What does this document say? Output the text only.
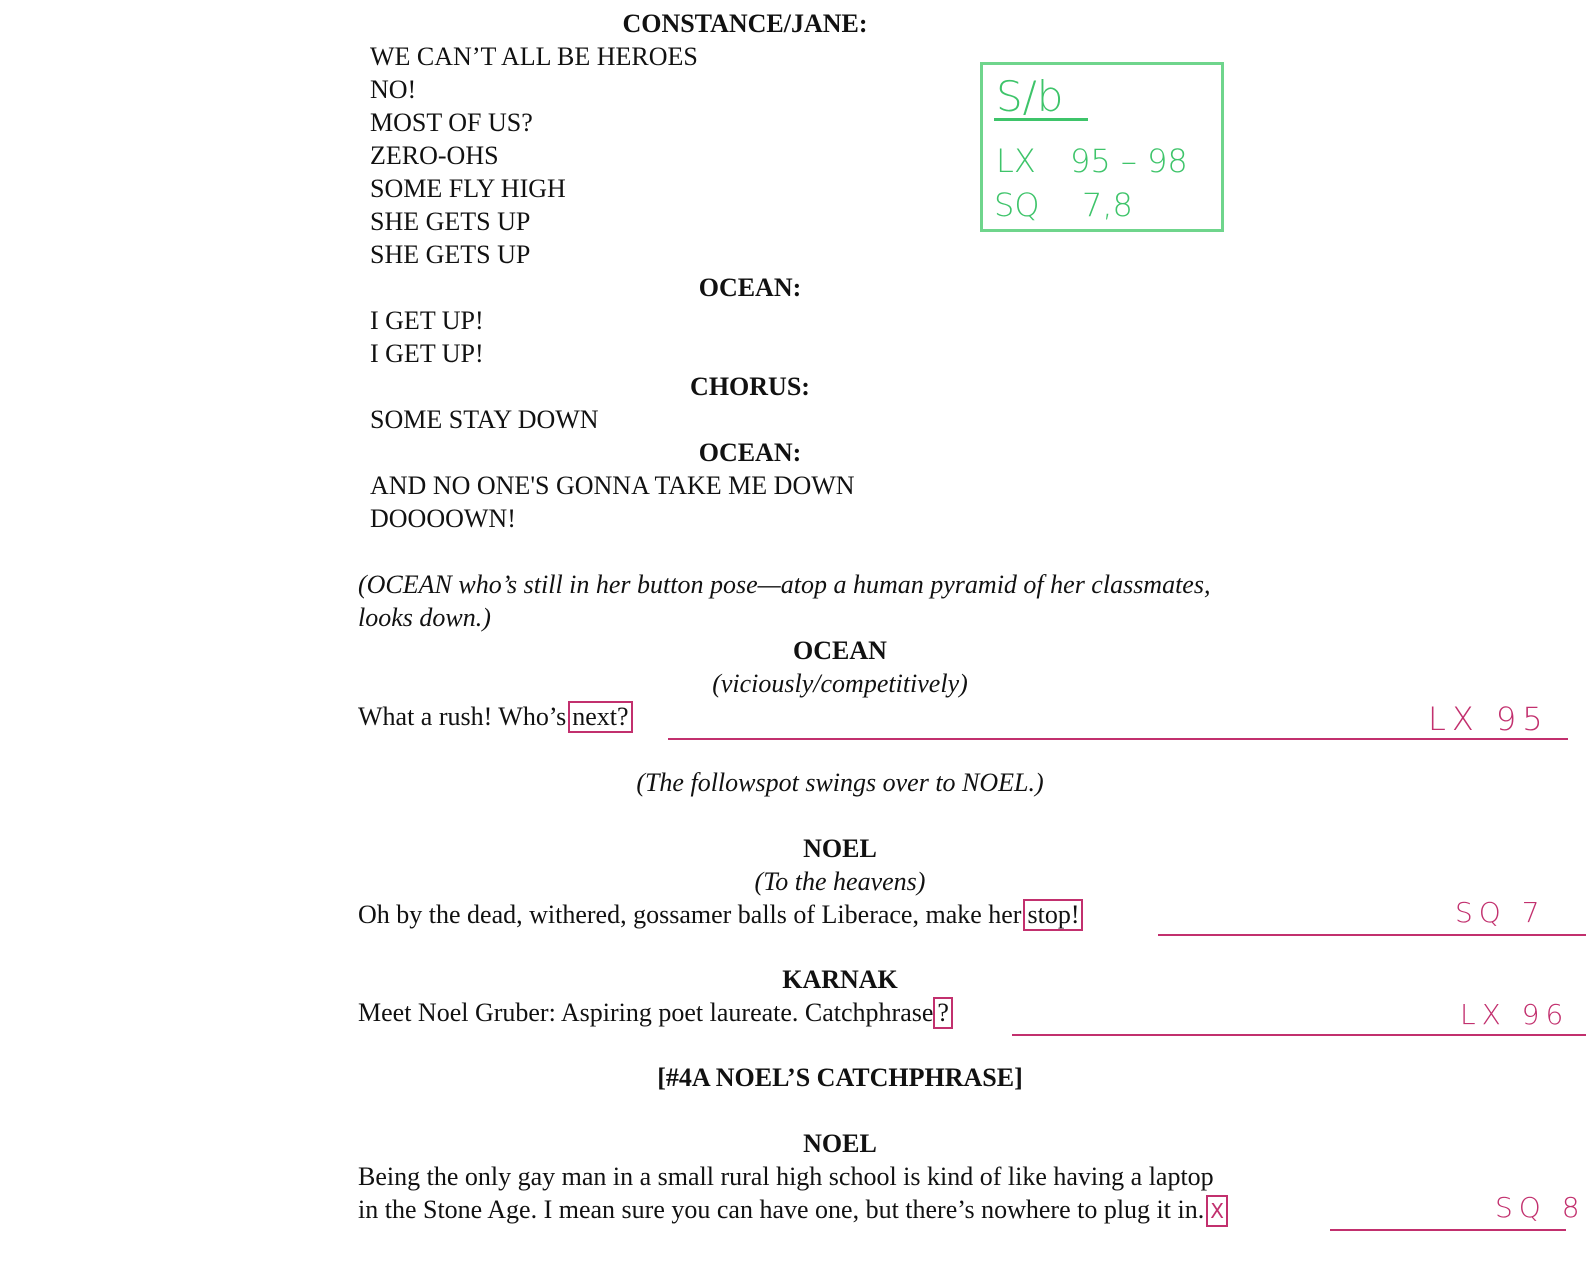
CONSTANCE/JANE:
WE CAN’T ALL BE HEROES
NO!
MOST OF US?
ZERO-OHS
SOME FLY HIGH
SHE GETS UP
SHE GETS UP
OCEAN:
I GET UP!
I GET UP!
CHORUS:
SOME STAY DOWN
OCEAN:
AND NO ONE'S GONNA TAKE ME DOWN
DOOOOWN!
(OCEAN who’s still in her button pose—atop a human pyramid of her classmates,
looks down.)
OCEAN
(viciously/competitively)
What a rush! Who’s next?	LX 95
(The followspot swings over to NOEL.)
NOEL
(To the heavens)
Oh by the dead, withered, gossamer balls of Liberace, make her stop!	SQ 7
KARNAK
Meet Noel Gruber: Aspiring poet laureate. Catchphrase ?	LX 96
[#4A NOEL’S CATCHPHRASE]
NOEL
Being the only gay man in a small rural high school is kind of like having a laptop
in the Stone Age. I mean sure you can have one, but there’s nowhere to plug it in. X	SQ 8
S/b
LX 95 – 98
SQ 7,8
